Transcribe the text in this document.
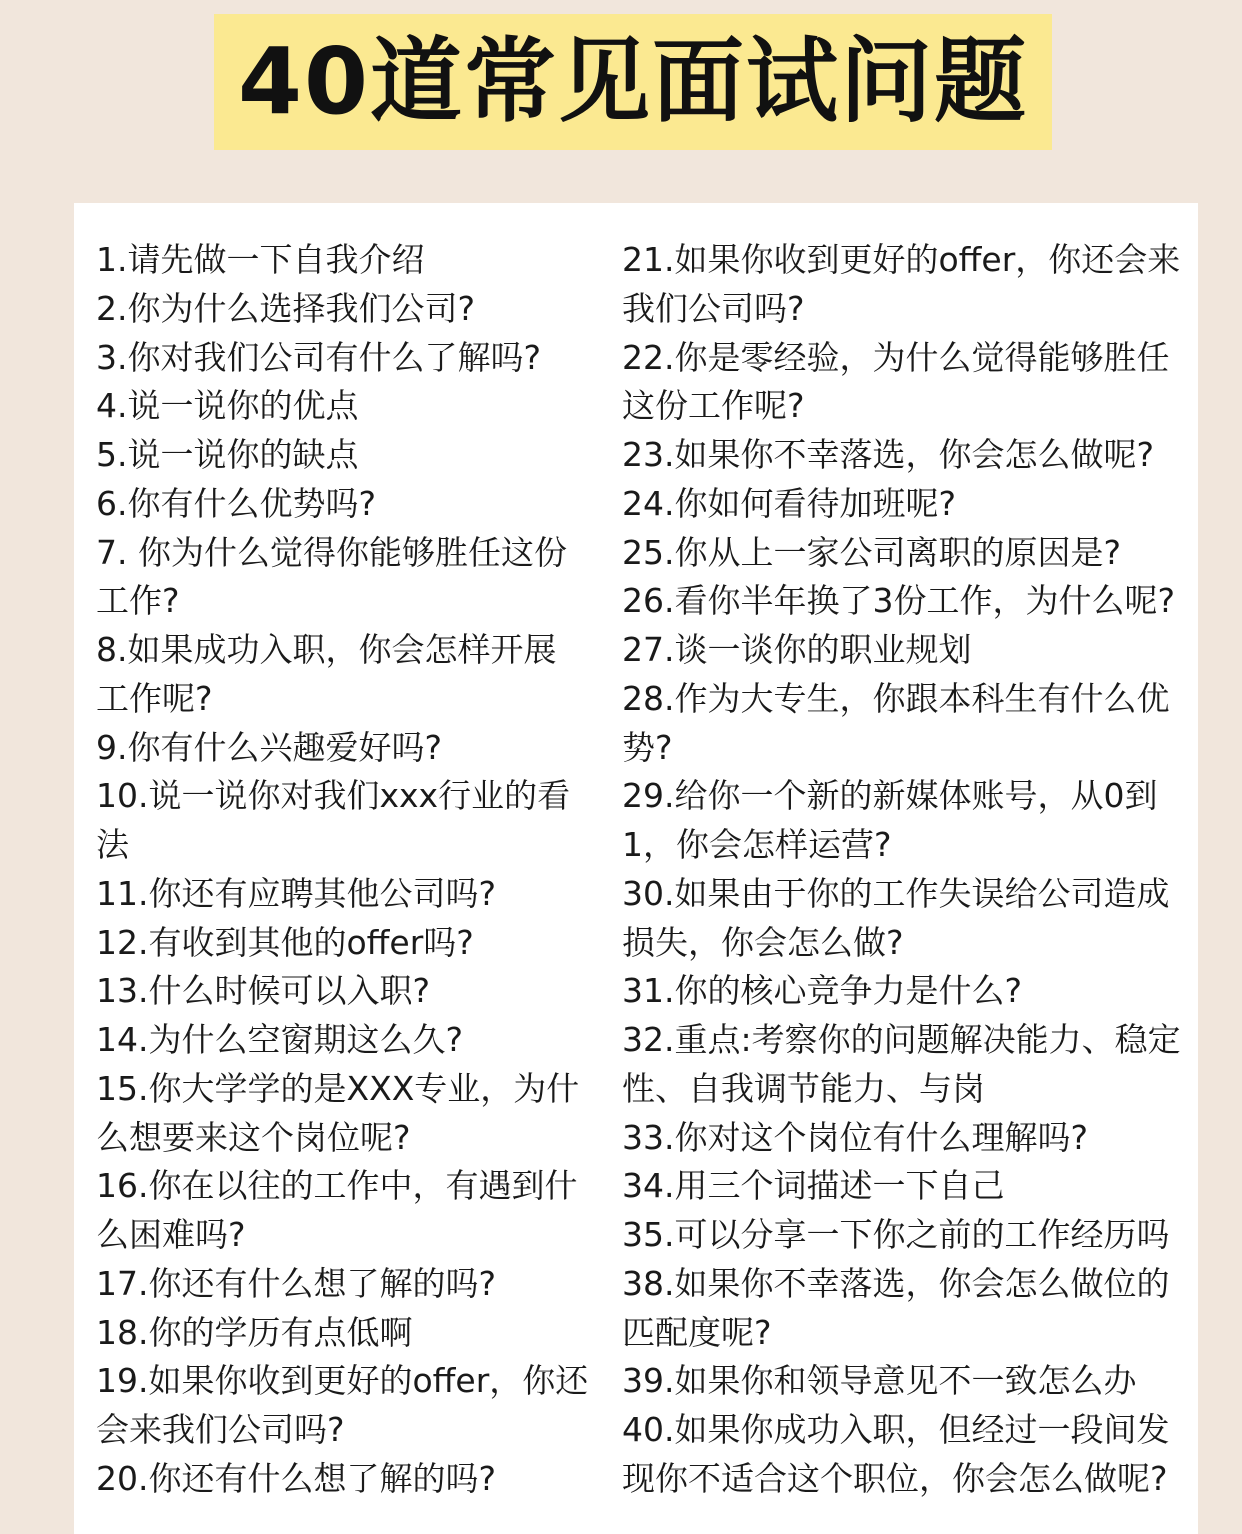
40道常见面试问题
1.请先做一下自我介绍
2.你为什么选择我们公司?
3.你对我们公司有什么了解吗?
4.说一说你的优点
5.说一说你的缺点
6.你有什么优势吗?
7. 你为什么觉得你能够胜任这份
工作?
8.如果成功入职，你会怎样开展
工作呢?
9.你有什么兴趣爱好吗?
10.说一说你对我们xxx行业的看
法
11.你还有应聘其他公司吗?
12.有收到其他的offer吗?
13.什么时候可以入职?
14.为什么空窗期这么久?
15.你大学学的是XXX专业，为什
么想要来这个岗位呢?
16.你在以往的工作中，有遇到什
么困难吗?
17.你还有什么想了解的吗?
18.你的学历有点低啊
19.如果你收到更好的offer，你还
会来我们公司吗?
20.你还有什么想了解的吗?
21.如果你收到更好的offer，你还会来
我们公司吗?
22.你是零经验，为什么觉得能够胜任
这份工作呢?
23.如果你不幸落选，你会怎么做呢?
24.你如何看待加班呢?
25.你从上一家公司离职的原因是?
26.看你半年换了3份工作，为什么呢?
27.谈一谈你的职业规划
28.作为大专生，你跟本科生有什么优
势?
29.给你一个新的新媒体账号，从0到
1，你会怎样运营?
30.如果由于你的工作失误给公司造成
损失，你会怎么做?
31.你的核心竞争力是什么?
32.重点:考察你的问题解决能力、稳定
性、自我调节能力、与岗
33.你对这个岗位有什么理解吗?
34.用三个词描述一下自己
35.可以分享一下你之前的工作经历吗
38.如果你不幸落选，你会怎么做位的
匹配度呢?
39.如果你和领导意见不一致怎么办
40.如果你成功入职，但经过一段间发
现你不适合这个职位，你会怎么做呢?
